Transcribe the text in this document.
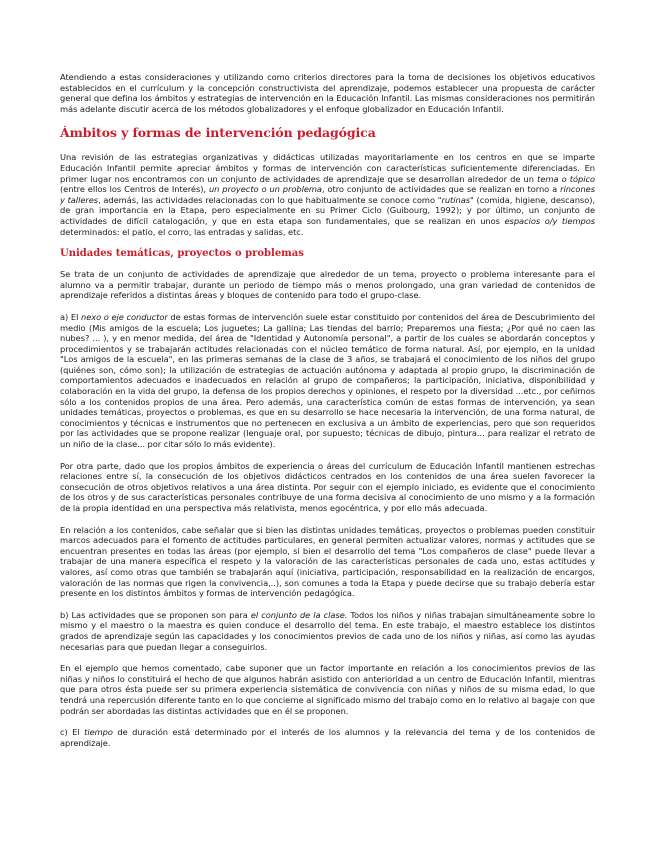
Atendiendo a estas consideraciones y utilizando como criterios directores para la toma de decisiones los objetivos educativos establecidos en el currículum y la concepción constructivista del aprendizaje, podemos establecer una propuesta de carácter general que defina los ámbitos y estrategias de intervención en la Educación Infantil. Las mismas consideraciones nos permitirán más adelante discutir acerca de los métodos globalizadores y el enfoque globalizador en Educación Infantil.

Ámbitos y formas de intervención pedagógica

Una revisión de las estrategias organizativas y didácticas utilizadas mayoritariamente en los centros en que se imparte Educación Infantil permite apreciar ámbitos y formas de intervención con características suficientemente diferenciadas. En primer lugar nos encontramos con un conjunto de actividades de aprendizaje que se desarrollan alrededor de un tema o tópico (entre ellos los Centros de Interés), un proyecto o un problema, otro conjunto de actividades que se realizan en torno a rincones y talleres, además, las actividades relacionadas con lo que habitualmente se conoce como "rutinas" (comida, higiene, descanso), de gran importancia en la Etapa, pero especialmente en su Primer Ciclo (Guibourg, 1992); y por último, un conjunto de actividades de difícil catalogación, y que en esta etapa son fundamentales, que se realizan en unos espacios o/y tiempos determinados: el patio, el corro, las entradas y salidas, etc.

Unidades temáticas, proyectos o problemas

Se trata de un conjunto de actividades de aprendizaje que alrededor de un tema, proyecto o problema interesante para el alumno va a permitir trabajar, durante un periodo de tiempo más o menos prolongado, una gran variedad de contenidos de aprendizaje referidos a distintas áreas y bloques de contenido para todo el grupo-clase.

a) El nexo o eje conductor de estas formas de intervención suele estar constituido por contenidos del área de Descubrimiento del medio (Mis amigos de la escuela; Los juguetes; La gallina; Las tiendas del barrio; Preparemos una fiesta; ¿Por qué no caen las nubes? ... ), y en menor medida, del área de "Identidad y Autonomía personal", a partir de los cuales se abordarán conceptos y procedimientos y se trabajarán actitudes relacionadas con el núcleo temático de forma natural. Así, por ejemplo, en la unidad "Los amigos de la escuela", en las primeras semanas de la clase de 3 años, se trabajará el conocimiento de los niños del grupo (quiénes son, cómo son); la utilización de estrategias de actuación autónoma y adaptada al propio grupo, la discriminación de comportamientos adecuados e inadecuados en relación al grupo de compañeros; la participación, iniciativa, disponibilidad y colaboración en la vida del grupo, la defensa de los propios derechos y opiniones, el respeto por la diversidad ...etc., por ceñirnos sólo a los contenidos propios de una área. Pero además, una característica común de estas formas de intervención, ya sean unidades temáticas, proyectos o problemas, es que en su desarrollo se hace necesaria la intervención, de una forma natural, de conocimientos y técnicas e instrumentos que no pertenecen en exclusiva a un ámbito de experiencias, pero que son requeridos por las actividades que se propone realizar (lenguaje oral, por supuesto; técnicas de dibujo, pintura... para realizar el retrato de un niño de la clase... por citar sólo lo más evidente).

Por otra parte, dado que los propios ámbitos de experiencia o áreas del currículum de Educación Infantil mantienen estrechas relaciones entre sí, la consecución de los objetivos didácticos centrados en los contenidos de una área suelen favorecer la consecución de otros objetivos relativos a una área distinta. Por seguir con el ejemplo iniciado, es evidente que el conocimiento de los otros y de sus características personales contribuye de una forma decisiva al conocimiento de uno mismo y a la formación de la propia identidad en una perspectiva más relativista, menos egocéntrica, y por ello más adecuada.

En relación a los contenidos, cabe señalar que si bien las distintas unidades temáticas, proyectos o problemas pueden constituir marcos adecuados para el fomento de actitudes particulares, en general permiten actualizar valores, normas y actitudes que se encuentran presentes en todas las áreas (por ejemplo, si bien el desarrollo del tema "Los compañeros de clase" puede llevar a trabajar de una manera específica el respeto y la valoración de las características personales de cada uno, estas actitudes y valores, así como otras que también se trabajarán aquí (iniciativa, participación, responsabilidad en la realización de encargos, valoración de las normas que rigen la convivencia,..), son comunes a toda la Etapa y puede decirse que su trabajo debería estar presente en los distintos ámbitos y formas de intervención pedagógica.

b) Las actividades que se proponen son para el conjunto de la clase. Todos los niños y niñas trabajan simultáneamente sobre lo mismo y el maestro o la maestra es quien conduce el desarrollo del tema. En este trabajo, el maestro establece los distintos grados de aprendizaje según las capacidades y los conocimientos previos de cada uno de los niños y niñas, así como las ayudas necesarias para que puedan llegar a conseguirlos.

En el ejemplo que hemos comentado, cabe suponer que un factor importante en relación a los conocimientos previos de las niñas y niños lo constituirá el hecho de que algunos habrán asistido con anterioridad a un centro de Educación Infantil, mientras que para otros ésta puede ser su primera experiencia sistemática de convivencia con niñas y niños de su misma edad, lo que tendrá una repercusión diferente tanto en lo que concierne al significado mismo del trabajo como en lo relativo al bagaje con que podrán ser abordadas las distintas actividades que en él se proponen.

c) El tiempo de duración está determinado por el interés de los alumnos y la relevancia del tema y de los contenidos de aprendizaje.
